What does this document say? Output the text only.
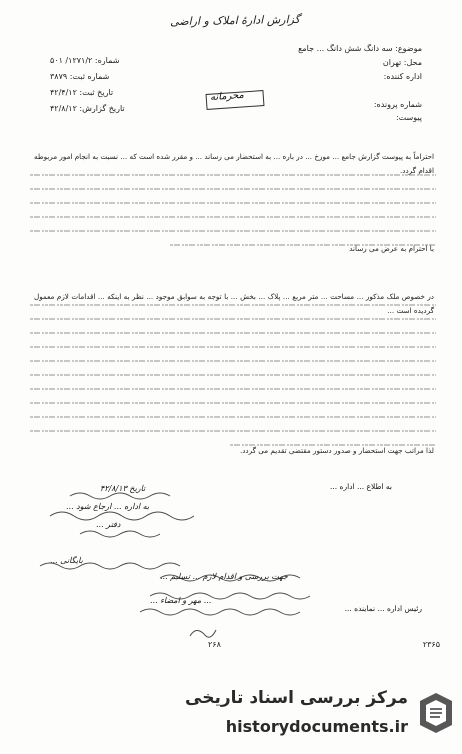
گزارش ادارۀ املاک و اراضی
موضوع: سه دانگ شش دانگ ... جامع
محل: تهران
اداره کننده:
شماره پرونده:
پیوست:
شماره: ۱۲۷۱/۲/ ۵۰۱
شماره ثبت: ۳۸۷۹
تاریخ ثبت: ۴۲/۴/۱۲
تاریخ گزارش: ۴۲/۸/۱۲
محرمانه

احتراماً به پیوست گزارش جامع ... مورخ ... در باره ... به استحضار می رساند ... و مقرر شده است که ... نسبت به انجام امور مربوطه اقدام گردد.

با احترام به عرض می رساند

در خصوص ملک مذکور ... مساحت ... متر مربع ... پلاک ... بخش ... با توجه به سوابق موجود ... نظر به اینکه ... اقدامات لازم معمول گردیده است ...

لذا مراتب جهت استحضار و صدور دستور مقتضی تقدیم می گردد.

به اطلاع ... اداره ...
رئیس اداره ... نماینده ...
تاریخ ۴۲/۸/۱۳
به اداره ... ارجاع شود ...
دفتر ...
بایگانی ...
جهت بررسی و اقدام لازم ... تسلیم ...
... مهر و امضاء ...
۲۳۶۵
۲۶۸
مرکز بررسی اسناد تاریخی
historydocuments.ir
